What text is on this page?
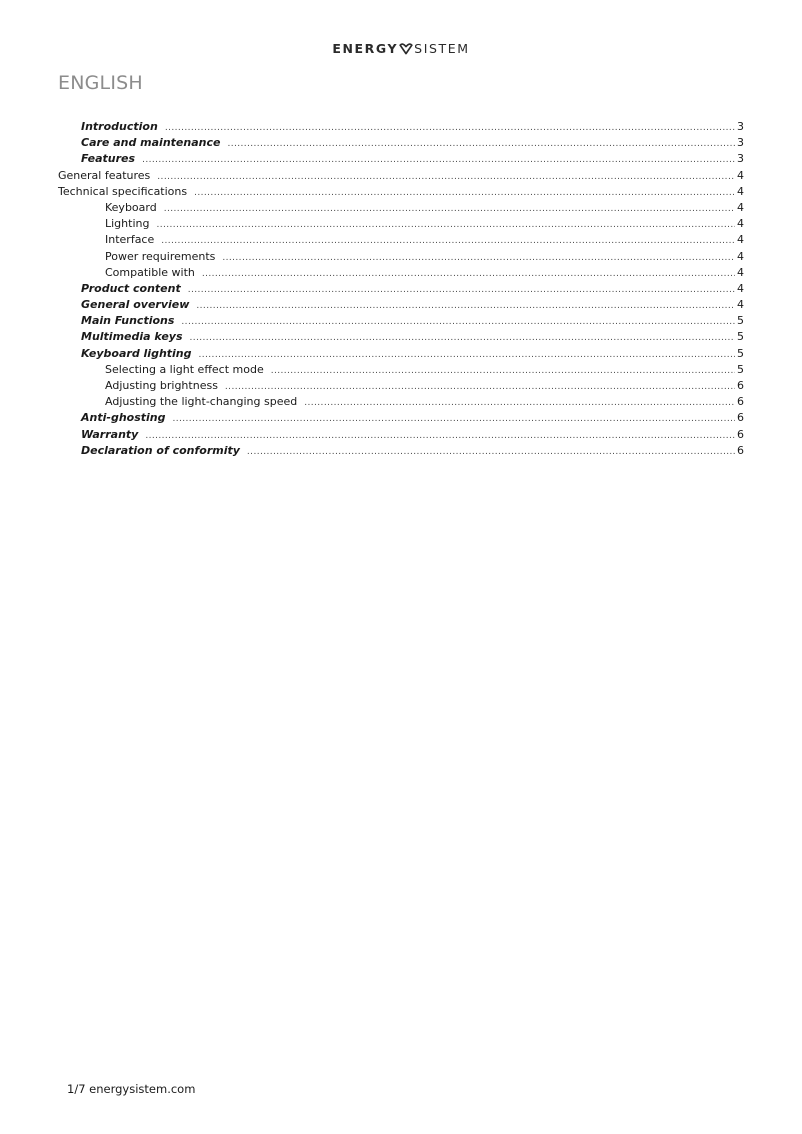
ENERGY SISTEM
ENGLISH
Introduction .....	3
Care and maintenance .....	3
Features .....	3
General features .....	4
Technical specifications .....	4
Keyboard .....	4
Lighting .....	4
Interface .....	4
Power requirements .....	4
Compatible with .....	4
Product content .....	4
General overview .....	4
Main Functions .....	5
Multimedia keys .....	5
Keyboard lighting .....	5
Selecting a light effect mode .....	5
Adjusting brightness .....	6
Adjusting the light-changing speed .....	6
Anti-ghosting .....	6
Warranty .....	6
Declaration of conformity .....	6
1/7 energysistem.com
